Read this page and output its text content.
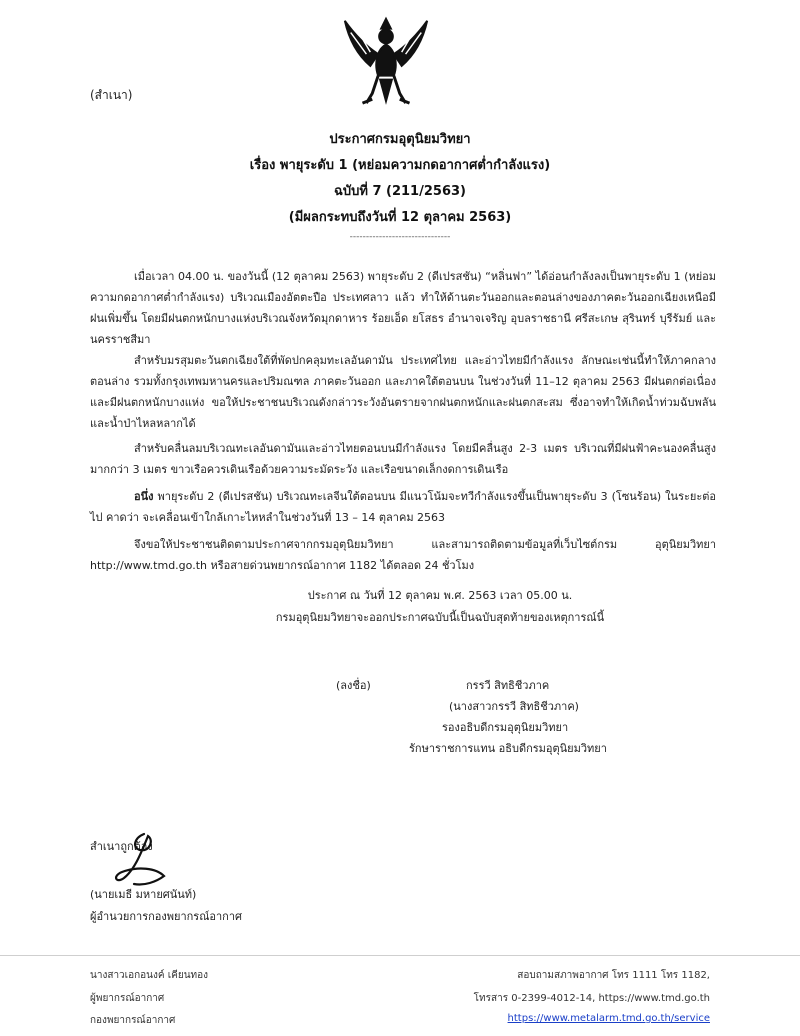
(สำเนา)
ประกาศกรมอุตุนิยมวิทยา
เรื่อง พายุระดับ 1 (หย่อมความกดอากาศต่ำกำลังแรง)
ฉบับที่ 7 (211/2563)
(มีผลกระทบถึงวันที่ 12 ตุลาคม 2563)
-------------------------------
เมื่อเวลา 04.00 น. ของวันนี้ (12 ตุลาคม 2563) พายุระดับ 2 (ดีเปรสชัน) “หลิ่นฟา” ได้อ่อนกำลังลงเป็นพายุระดับ 1 (หย่อมความกดอากาศต่ำกำลังแรง) บริเวณเมืองอัตตะปือ ประเทศลาว แล้ว ทำให้ด้านตะวันออกและตอนล่างของภาคตะวันออกเฉียงเหนือมีฝนเพิ่มขึ้น โดยมีฝนตกหนักบางแห่งบริเวณจังหวัดมุกดาหาร ร้อยเอ็ด ยโสธร อำนาจเจริญ อุบลราชธานี ศรีสะเกษ สุรินทร์ บุรีรัมย์ และนครราชสีมา
สำหรับมรสุมตะวันตกเฉียงใต้ที่พัดปกคลุมทะเลอันดามัน ประเทศไทย และอ่าวไทยมีกำลังแรง ลักษณะเช่นนี้ทำให้ภาคกลางตอนล่าง รวมทั้งกรุงเทพมหานครและปริมณฑล ภาคตะวันออก และภาคใต้ตอนบน ในช่วงวันที่ 11–12 ตุลาคม 2563 มีฝนตกต่อเนื่องและมีฝนตกหนักบางแห่ง ขอให้ประชาชนบริเวณดังกล่าวระวังอันตรายจากฝนตกหนักและฝนตกสะสม ซึ่งอาจทำให้เกิดน้ำท่วมฉับพลันและน้ำป่าไหลหลากได้
สำหรับคลื่นลมบริเวณทะเลอันดามันและอ่าวไทยตอนบนมีกำลังแรง โดยมีคลื่นสูง 2-3 เมตร บริเวณที่มีฝนฟ้าคะนองคลื่นสูงมากกว่า 3 เมตร ขาวเรือควรเดินเรือด้วยความระมัดระวัง และเรือขนาดเล็กงดการเดินเรือ
อนึ่ง พายุระดับ 2 (ดีเปรสชัน) บริเวณทะเลจีนใต้ตอนบน มีแนวโน้มจะทวีกำลังแรงขึ้นเป็นพายุระดับ 3 (โซนร้อน) ในระยะต่อไป คาดว่า จะเคลื่อนเข้าใกล้เกาะไหหลำในช่วงวันที่ 13 – 14 ตุลาคม 2563
จึงขอให้ประชาชนติดตามประกาศจากกรมอุตุนิยมวิทยา และสามารถติดตามข้อมูลที่เว็บไซต์กรม อุตุนิยมวิทยา http://www.tmd.go.th หรือสายด่วนพยากรณ์อากาศ 1182 ได้ตลอด 24 ชั่วโมง
ประกาศ ณ วันที่ 12 ตุลาคม พ.ศ. 2563 เวลา 05.00 น.
กรมอุตุนิยมวิทยาจะออกประกาศฉบับนี้เป็นฉบับสุดท้ายของเหตุการณ์นี้
(ลงชื่อ)	กรรวี สิทธิชีวภาค
(นางสาวกรรวี สิทธิชีวภาค)
รองอธิบดีกรมอุตุนิยมวิทยา
รักษาราชการแทน อธิบดีกรมอุตุนิยมวิทยา
สำเนาถูกต้อง
(นายเมธี มหายศนันท์)
ผู้อำนวยการกองพยากรณ์อากาศ
นางสาวเอกอนงค์ เคียนทอง
ผู้พยากรณ์อากาศ
กองพยากรณ์อากาศ
สอบถามสภาพอากาศ โทร 1111 โทร 1182,
โทรสาร 0-2399-4012-14, https://www.tmd.go.th
https://www.metalarm.tmd.go.th/service
